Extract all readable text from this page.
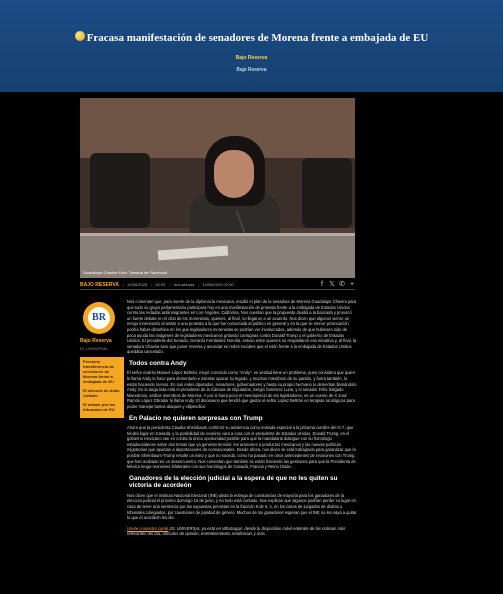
Fracasa manifestación de senadores de Morena frente a embajada de EU
Bajo Reserva
Bajo Reserva
Guadalupe Chavira Foto: Tomada de Facebook
BAJO RESERVA | 10/06/2025 | 02:00 | Actualizada | 10/06/2025 02:00	f 𝕏 ✆ +
BR
Bajo Reserva
EL UNIVERSAL

Presiona transferencia de servidores de Morena frente a embajada de EU

El silencio de Adán Collado

El debate por los tribunales de EU

Nos comentan que, para suerte de la diplomacia mexicana, resultó el plan de la senadora de Morena Guadalupe Chavira para que todo su grupo parlamentario participara hoy en una manifestación de protesta frente a la embajada de Estados Unidos contra las redadas antiinmigrantes en Los Ángeles, California. Nos cuentan que la propuesta dividió a la bancada y provocó un fuerte debate en el chat de los morenistas, quienes, al final, no llegaron a un acuerdo. Nos dicen que algunos vieron un riesgo innecesario al asistir a una protesta a la que fue convocada al público en general y en la que se menor provocación podría haber disturbios en los que legisladores morenistas se podrían ver involucrados, además de que hubiesen sido de poca ayuda las imágenes de legisladores mexicanos gritando consignas contra Donald Trump o el gobierno de Estados Unidos. El presidente del Senado, Gerardo Fernández Noroña, estuvo entre quienes no respaldaron esa iniciativa y, al final, la senadora Chavira tuvo que poner reversa y anunciar en redes sociales que el mitin frente a la embajada de Estados Unidos quedaba cancelado.

Todos contra Andy

El señor Andrés Manuel López Beltrán, mejor conocido como "Andy", en verdad tiene un problema, pues considera que quien le llama Andy lo hace para demeritarlo e intentar opacar su legado, y muchos miembros de su partido, y fuera también, lo están haciendo menos. En sus redes diputados, senadores, gobernadores y hasta su propio hermano lo demeritan llamándolo Andy. En la larga lista está el presidente de la Cámara de Diputados, Sergio Gutiérrez Luna, y el senador Félix Salgado Macedonio, ambos miembros de Morena. Y por si fuera poco el menosprecio de los legisladores, es un cuento de X José Ramón López Obrador le llama Andy. El dinosaurio que tendrá que gastar el señor López Beltrán en terapias sicológicas para poder manejar tantos ataques y vilipendios.

En Palacio no quieren sorpresas con Trump

Ahora que la presidenta Claudia Sheinbaum confirmó su asistencia como invitada especial a la próxima cumbre del G-7, que tendrá lugar en Canadá, y la posibilidad de reunirse cara a cara con el presidente de Estados Unidos, Donald Trump, en el gobierno mexicano van en contra la única oportunidad posible para que la mandataria dialogue con su homólogo estadounidense sobre dos temas que ya generan tensión: los aranceles a productos mexicanos y las nuevas políticas migratorias que apuntan a deportaciones de connacionales. Desde ahora, nos dicen se está trabajando para garantizar que la posible Sheinbaum-Trump resulte un éxito y que no suceda, como ha pasado en otros antecedentes de reuniones con Trump, que han acabado en un desencuentro. Nos comentan que también se están haciendo las gestiones para que la Presidenta de México tenga reuniones bilaterales con sus homólogos de Canadá, Francia y Reino Unido.

Ganadores de la elección judicial a la espera de que no les quiten su victoria de acordeón

Nos dicen que el Instituto Nacional Electoral (INE) alista la entrega de constancias de mayoría para los ganadores de la elección judicial el próximo domingo 15 de junio, y no todo está contado. Nos explican que algunos podrían perder su lugar en caso de tener una sentencia por las supuestas previstas en la fracción 8 de 6, o, en los casos de juzgados de distrito o tribunales colegiados, por cuestiones de paridad de género. Muchos de los ganadores esperan que el INE no les vaya a quitar lo que el acordeón les dio.

Únete a nuestro canal ¡EL UNIVERSAL ya está en Whatsapp!, desde tu dispositivo móvil entérate de las noticias más relevantes del día, artículos de opinión, entretenimiento, tendencias y más.
